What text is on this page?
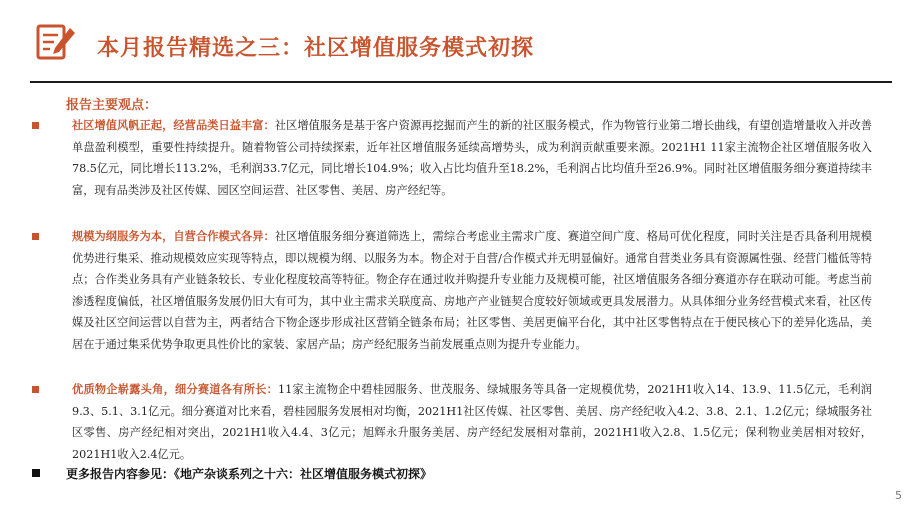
本月报告精选之三：社区增值服务模式初探
报告主要观点：
社区增值风帆正起，经营品类日益丰富：社区增值服务是基于客户资源再挖掘而产生的新的社区服务模式，作为物管行业第二增长曲线，有望创造增量收入并改善单盘盈利模型，重要性持续提升。随着物管公司持续探索，近年社区增值服务延续高增势头，成为利润贡献重要来源。2021H1 11家主流物企社区增值服务收入78.5亿元，同比增长113.2%，毛利润33.7亿元，同比增长104.9%；收入占比均值升至18.2%，毛利润占比均值升至26.9%。同时社区增值服务细分赛道持续丰富，现有品类涉及社区传媒、园区空间运营、社区零售、美居、房产经纪等。
规模为纲服务为本，自营合作模式各异：社区增值服务细分赛道筛选上，需综合考虑业主需求广度、赛道空间广度、格局可优化程度，同时关注是否具备利用规模优势进行集采、推动规模效应实现等特点，即以规模为纲、以服务为本。物企对于自营/合作模式并无明显偏好。通常自营类业务具有资源属性强、经营门槛低等特点；合作类业务具有产业链条较长、专业化程度较高等特征。物企存在通过收并购提升专业能力及规模可能，社区增值服务各细分赛道亦存在联动可能。考虑当前渗透程度偏低，社区增值服务发展仍旧大有可为，其中业主需求关联度高、房地产产业链契合度较好领域或更具发展潜力。从具体细分业务经营模式来看，社区传媒及社区空间运营以自营为主，两者结合下物企逐步形成社区营销全链条布局；社区零售、美居更偏平台化，其中社区零售特点在于便民核心下的差异化选品，美居在于通过集采优势争取更具性价比的家装、家居产品；房产经纪服务当前发展重点则为提升专业能力。
优质物企崭露头角，细分赛道各有所长：11家主流物企中碧桂园服务、世茂服务、绿城服务等具备一定规模优势，2021H1收入14、13.9、11.5亿元，毛利润9.3、5.1、3.1亿元。细分赛道对比来看，碧桂园服务发展相对均衡，2021H1社区传媒、社区零售、美居、房产经纪收入4.2、3.8、2.1、1.2亿元；绿城服务社区零售、房产经纪相对突出，2021H1收入4.4、3亿元；旭辉永升服务美居、房产经纪发展相对靠前，2021H1收入2.8、1.5亿元；保利物业美居相对较好，2021H1收入2.4亿元。
更多报告内容参见：《地产杂谈系列之十六：社区增值服务模式初探》
5
